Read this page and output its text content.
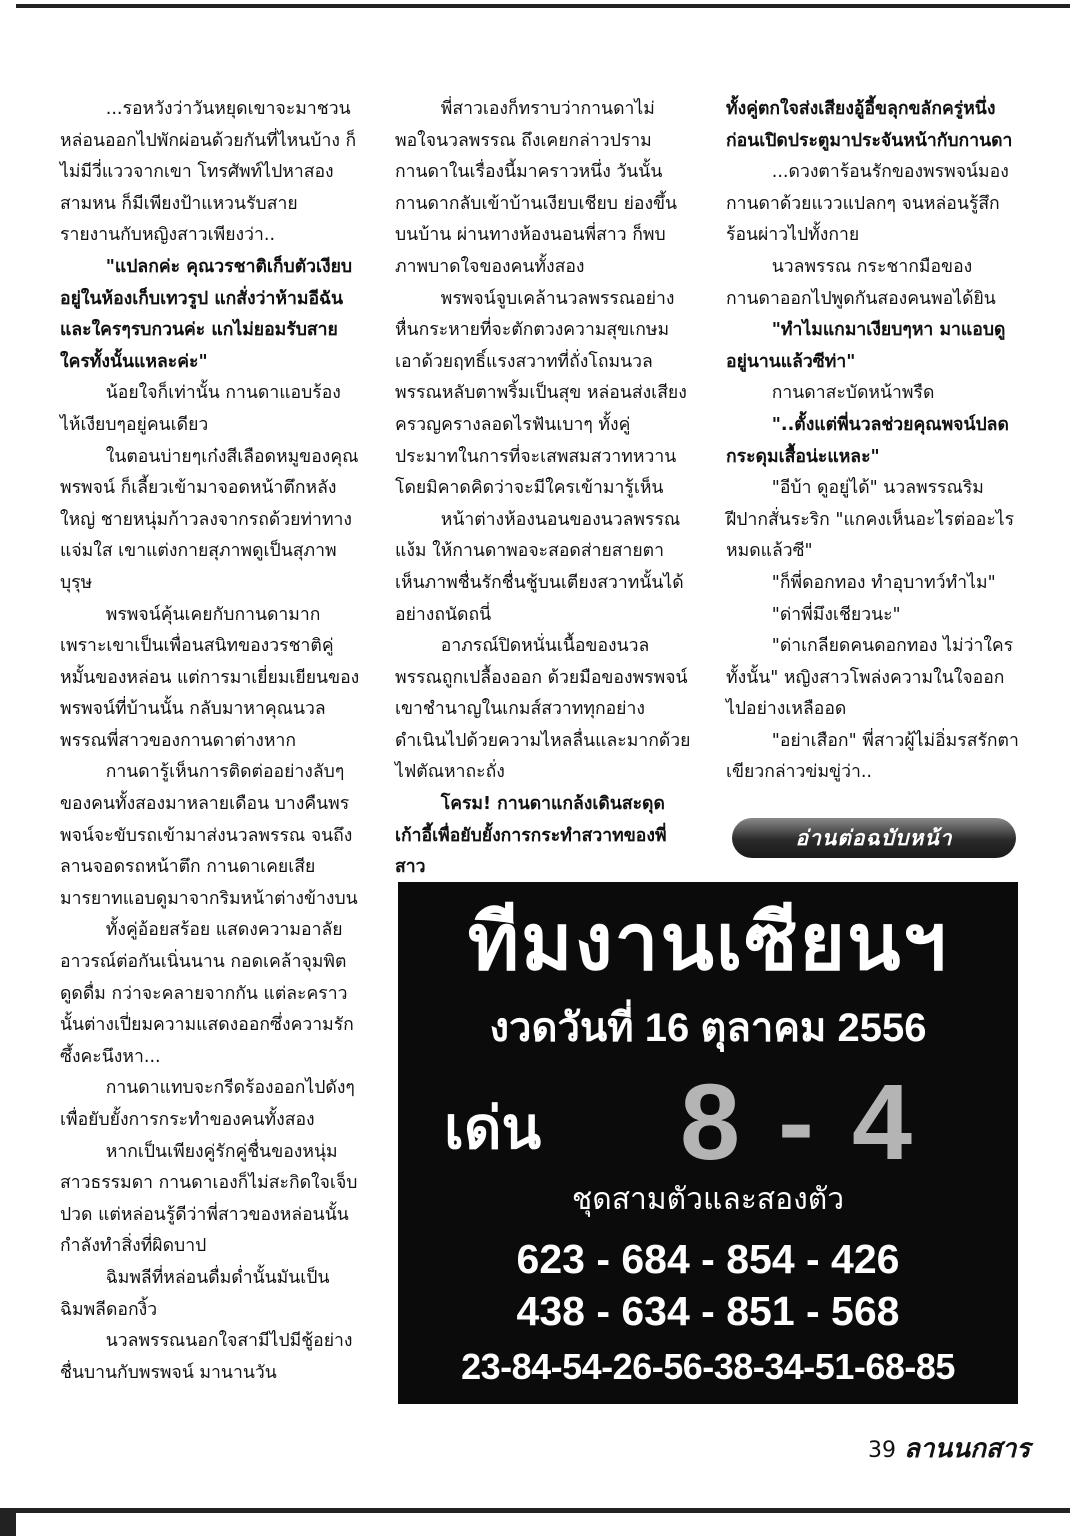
...รอหวังว่าวันหยุดเขาจะมาชวนหล่อนออกไปพักผ่อนด้วยกันที่ไหนบ้าง ก็ไม่มีวี่แววจากเขา โทรศัพท์ไปหาสองสามหน ก็มีเพียงป้าแหวนรับสาย รายงานกับหญิงสาวเพียงว่า..

"แปลกค่ะ คุณวรชาติเก็บตัวเงียบอยู่ในห้องเก็บเทวรูป แกสั่งว่าห้ามอีฉันและใครๆรบกวนค่ะ แกไม่ยอมรับสายใครทั้งนั้นแหละค่ะ"

น้อยใจก็เท่านั้น กานดาแอบร้องไห้เงียบๆอยู่คนเดียว

ในตอนบ่ายๆเก๋งสีเลือดหมูของคุณพรพจน์ ก็เลี้ยวเข้ามาจอดหน้าตึกหลังใหญ่ ชายหนุ่มก้าวลงจากรถด้วยท่าทางแจ่มใส เขาแต่งกายสุภาพดูเป็นสุภาพบุรุษ

พรพจน์คุ้นเคยกับกานดามาก เพราะเขาเป็นเพื่อนสนิทของวรชาติคู่หมั้นของหล่อน แต่การมาเยี่ยมเยียนของพรพจน์ที่บ้านนั้น กลับมาหาคุณนวลพรรณพี่สาวของกานดาต่างหาก

กานดารู้เห็นการติดต่ออย่างลับๆของคนทั้งสองมาหลายเดือน บางคืนพรพจน์จะขับรถเข้ามาส่งนวลพรรณ จนถึงลานจอดรถหน้าตึก กานดาเคยเสียมารยาทแอบดูมาจากริมหน้าต่างข้างบน

ทั้งคู่อ้อยสร้อย แสดงความอาลัยอาวรณ์ต่อกันเนิ่นนาน กอดเคล้าจุมพิตดูดดื่ม กว่าจะคลายจากกัน แต่ละคราวนั้นต่างเปี่ยมความแสดงออกซึ่งความรักซึ้งคะนึงหา...

กานดาแทบจะกรีดร้องออกไปดังๆเพื่อยับยั้งการกระทำของคนทั้งสอง

หากเป็นเพียงคู่รักคู่ชื่นของหนุ่มสาวธรรมดา กานดาเองก็ไม่สะกิดใจเจ็บปวด แต่หล่อนรู้ดีว่าพี่สาวของหล่อนนั้นกำลังทำสิ่งที่ผิดบาป

ฉิมพลีที่หล่อนดื่มด่ำนั้นมันเป็นฉิมพลีดอกงิ้ว

นวลพรรณนอกใจสามีไปมีชู้อย่างชื่นบานกับพรพจน์ มานานวัน

พี่สาวเองก็ทราบว่ากานดาไม่พอใจนวลพรรณ ถึงเคยกล่าวปรามกานดาในเรื่องนี้มาคราวหนึ่ง วันนั้นกานดากลับเข้าบ้านเงียบเชียบ ย่องขึ้นบนบ้าน ผ่านทางห้องนอนพี่สาว ก็พบภาพบาดใจของคนทั้งสอง

พรพจน์จูบเคล้านวลพรรณอย่างหื่นกระหายที่จะตักตวงความสุขเกษมเอาด้วยฤทธิ์แรงสวาทที่ถั่งโถมนวลพรรณหลับตาพริ้มเป็นสุข หล่อนส่งเสียงครวญครางลอดไรฟันเบาๆ ทั้งคู่ประมาทในการที่จะเสพสมสวาทหวานโดยมิคาดคิดว่าจะมีใครเข้ามารู้เห็น

หน้าต่างห้องนอนของนวลพรรณแง้ม ให้กานดาพอจะสอดส่ายสายตาเห็นภาพชื่นรักชื่นชู้บนเตียงสวาทนั้นได้อย่างถนัดถนี่

อาภรณ์ปิดหนั่นเนื้อของนวลพรรณถูกเปลื้องออก ด้วยมือของพรพจน์ เขาชำนาญในเกมส์สวาททุกอย่าง ดำเนินไปด้วยความไหลลื่นและมากด้วยไฟตัณหาถะถั่ง

โครม! กานดาแกล้งเดินสะดุดเก้าอี้เพื่อยับยั้งการกระทำสวาทของพี่สาว

ทั้งคู่ตกใจส่งเสียงอู้อี้ขลุกขลักครู่หนึ่ง ก่อนเปิดประตูมาประจันหน้ากับกานดา

...ดวงตาร้อนรักของพรพจน์มองกานดาด้วยแววแปลกๆ จนหล่อนรู้สึกร้อนผ่าวไปทั้งกาย

นวลพรรณ กระชากมือของกานดาออกไปพูดกันสองคนพอได้ยิน

"ทำไมแกมาเงียบๆหา มาแอบดูอยู่นานแล้วซีท่า"

กานดาสะบัดหน้าพรืด

"..ตั้งแต่พี่นวลช่วยคุณพจน์ปลดกระดุมเสื้อน่ะแหละ"

"อีบ้า ดูอยู่ได้" นวลพรรณริมฝีปากสั่นระริก "แกคงเห็นอะไรต่ออะไรหมดแล้วซี"

"ก็พี่ดอกทอง ทำอุบาทว์ทำไม"

"ด่าพี่มึงเชียวนะ"

"ด่าเกลียดคนดอกทอง ไม่ว่าใครทั้งนั้น" หญิงสาวโพล่งความในใจออกไปอย่างเหลืออด

"อย่าเสือก" พี่สาวผู้ไม่อิ่มรสรักตาเขียวกล่าวข่มขู่ว่า..

อ่านต่อฉบับหน้า
ทีมงานเซียนฯ
งวดวันที่ 16 ตุลาคม 2556
เด่น	8 - 4
ชุดสามตัวและสองตัว
623 - 684 - 854 - 426
438 - 634 - 851 - 568
23-84-54-26-56-38-34-51-68-85
39 ลานนกสาร
